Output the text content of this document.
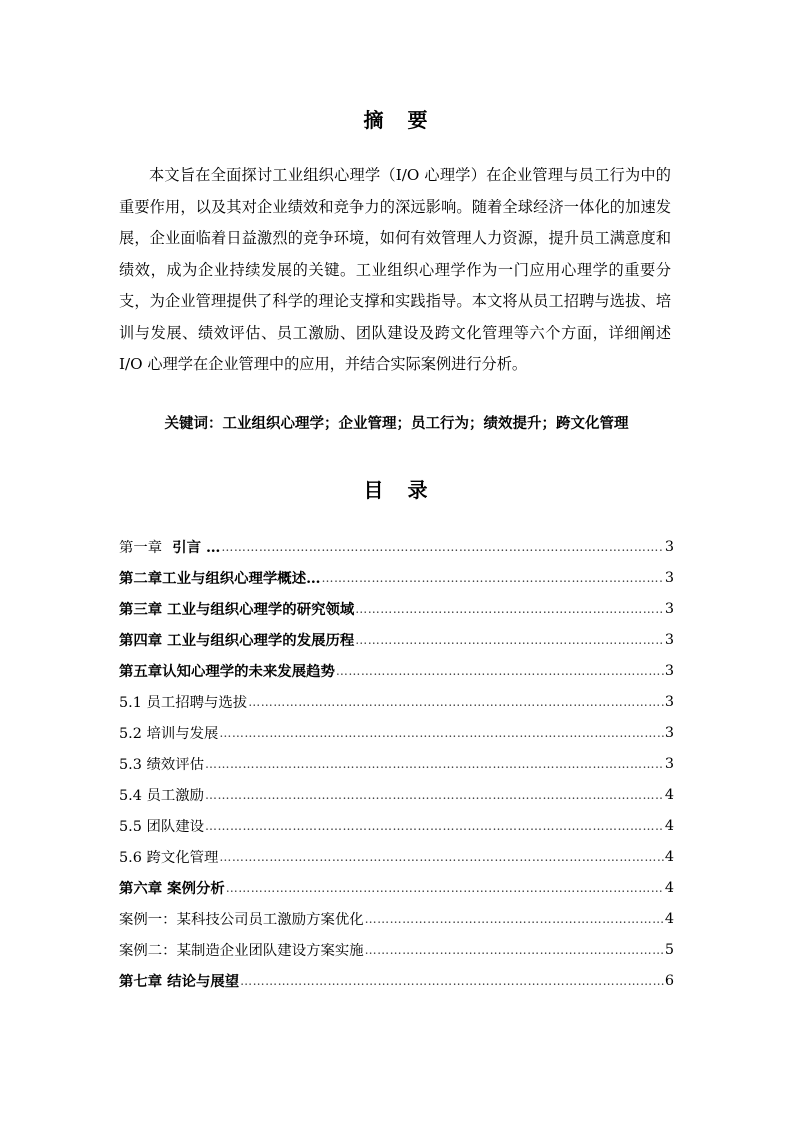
摘　要

本文旨在全面探讨工业组织心理学（I/O 心理学）在企业管理与员工行为中的重要作用，以及其对企业绩效和竞争力的深远影响。随着全球经济一体化的加速发展，企业面临着日益激烈的竞争环境，如何有效管理人力资源，提升员工满意度和绩效，成为企业持续发展的关键。工业组织心理学作为一门应用心理学的重要分支，为企业管理提供了科学的理论支撑和实践指导。本文将从员工招聘与选拔、培训与发展、绩效评估、员工激励、团队建设及跨文化管理等六个方面，详细阐述 I/O 心理学在企业管理中的应用，并结合实际案例进行分析。

关键词：工业组织心理学；企业管理；员工行为；绩效提升；跨文化管理
目　录
第一章 引言 … ……………………………………………………………………………………………………………………………	3
第二章工业与组织心理学概述… ……………………………………………………………………………………………………………………………	3
第三章 工业与组织心理学的研究领域 ……………………………………………………………………………………………………………………………	3
第四章 工业与组织心理学的发展历程 ……………………………………………………………………………………………………………………………	3
第五章认知心理学的未来发展趋势 ……………………………………………………………………………………………………………………………	3
5.1 员工招聘与选拔 ……………………………………………………………………………………………………………………………	3
5.2 培训与发展 ……………………………………………………………………………………………………………………………	3
5.3 绩效评估 ……………………………………………………………………………………………………………………………	3
5.4 员工激励 ……………………………………………………………………………………………………………………………	4
5.5 团队建设 ……………………………………………………………………………………………………………………………	4
5.6 跨文化管理 ……………………………………………………………………………………………………………………………	4
第六章 案例分析 ……………………………………………………………………………………………………………………………	4
案例一：某科技公司员工激励方案优化 ……………………………………………………………………………………………………………………………	4
案例二：某制造企业团队建设方案实施 ……………………………………………………………………………………………………………………………	5
第七章 结论与展望 ……………………………………………………………………………………………………………………………	6
